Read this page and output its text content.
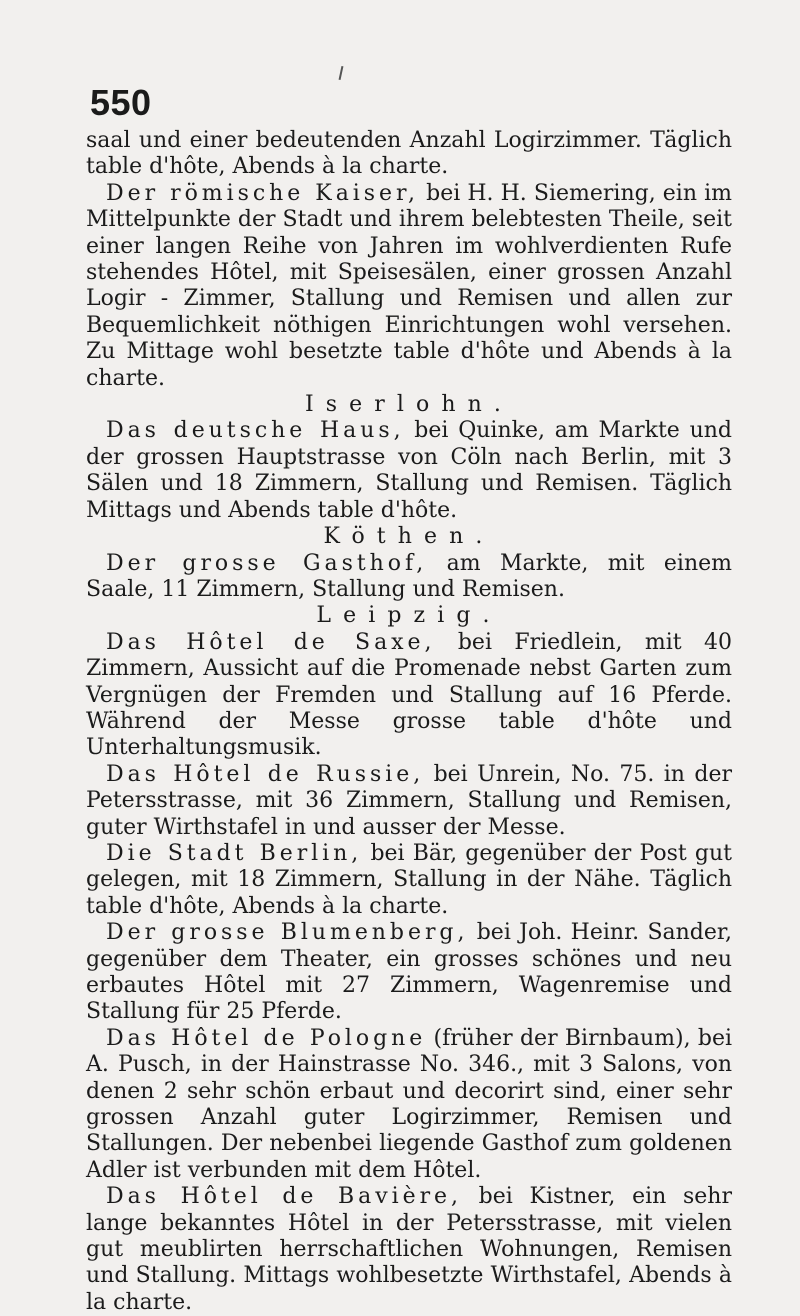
550

saal und einer bedeutenden Anzahl Logirzimmer. Täglich table d'hôte, Abends à la charte.

Der römische Kaiser, bei H. H. Siemering, ein im Mittelpunkte der Stadt und ihrem belebtesten Theile, seit einer langen Reihe von Jahren im wohlverdienten Rufe stehendes Hôtel, mit Speisesälen, einer grossen Anzahl Logir - Zimmer, Stallung und Remisen und allen zur Bequemlichkeit nöthigen Einrichtungen wohl versehen. Zu Mittage wohl besetzte table d'hôte und Abends à la charte.

Iserlohn.

Das deutsche Haus, bei Quinke, am Markte und der grossen Hauptstrasse von Cöln nach Berlin, mit 3 Sälen und 18 Zimmern, Stallung und Remisen. Täglich Mittags und Abends table d'hôte.

Köthen.

Der grosse Gasthof, am Markte, mit einem Saale, 11 Zimmern, Stallung und Remisen.

Leipzig.

Das Hôtel de Saxe, bei Friedlein, mit 40 Zimmern, Aussicht auf die Promenade nebst Garten zum Vergnügen der Fremden und Stallung auf 16 Pferde. Während der Messe grosse table d'hôte und Unterhaltungsmusik.

Das Hôtel de Russie, bei Unrein, No. 75. in der Petersstrasse, mit 36 Zimmern, Stallung und Remisen, guter Wirthstafel in und ausser der Messe.

Die Stadt Berlin, bei Bär, gegenüber der Post gut gelegen, mit 18 Zimmern, Stallung in der Nähe. Täglich table d'hôte, Abends à la charte.

Der grosse Blumenberg, bei Joh. Heinr. Sander, gegenüber dem Theater, ein grosses schönes und neu erbautes Hôtel mit 27 Zimmern, Wagenremise und Stallung für 25 Pferde.

Das Hôtel de Pologne (früher der Birnbaum), bei A. Pusch, in der Hainstrasse No. 346., mit 3 Salons, von denen 2 sehr schön erbaut und decorirt sind, einer sehr grossen Anzahl guter Logirzimmer, Remisen und Stallungen. Der nebenbei liegende Gasthof zum goldenen Adler ist verbunden mit dem Hôtel.

Das Hôtel de Bavière, bei Kistner, ein sehr lange bekanntes Hôtel in der Petersstrasse, mit vielen gut meublirten herrschaftlichen Wohnungen, Remisen und Stallung. Mittags wohlbesetzte Wirthstafel, Abends à la charte.
